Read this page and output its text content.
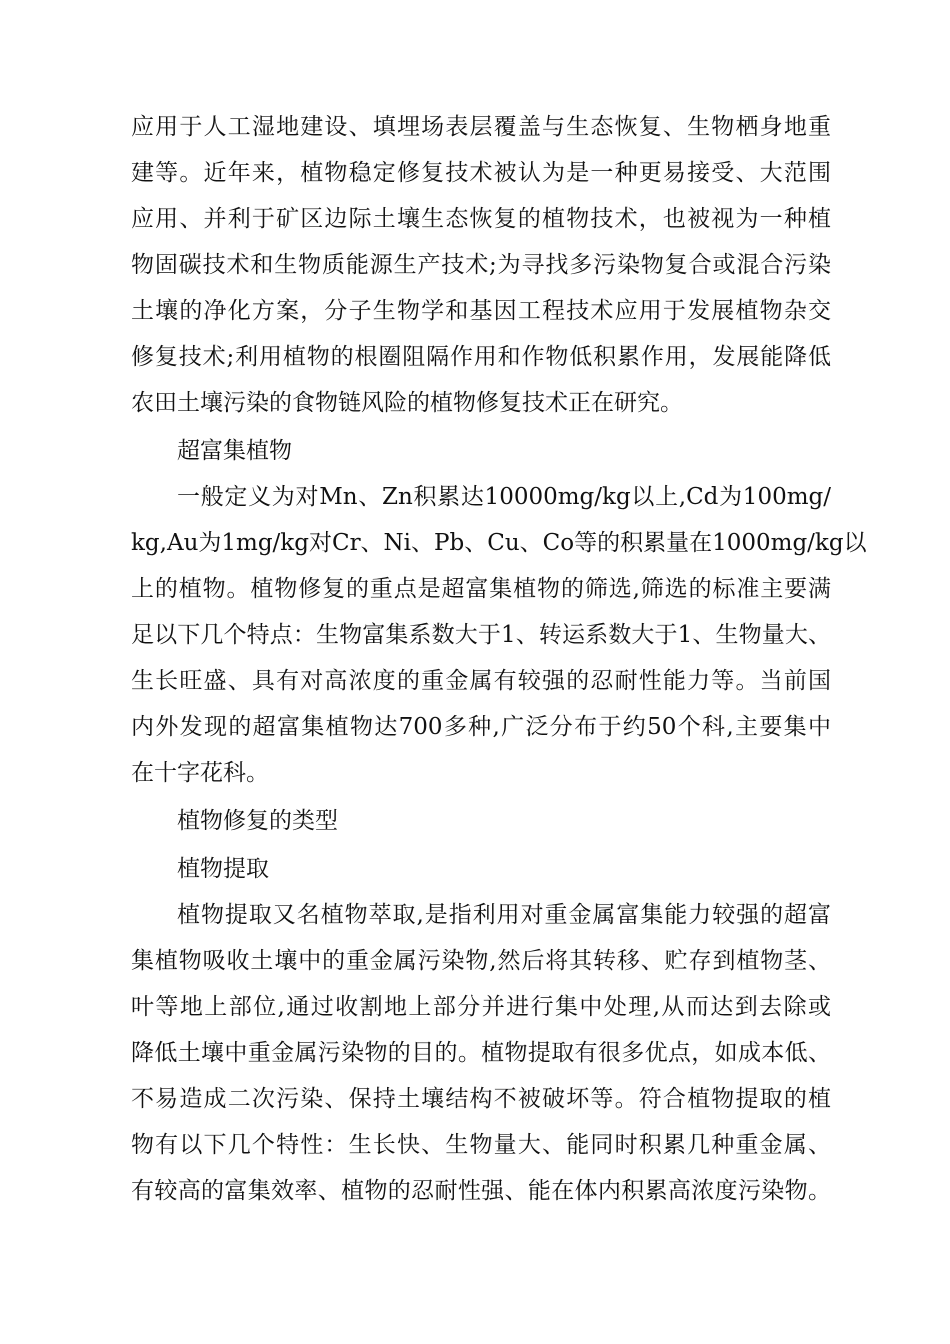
应用于人工湿地建设、填埋场表层覆盖与生态恢复、生物栖身地重
建等。近年来，植物稳定修复技术被认为是一种更易接受、大范围
应用、并利于矿区边际土壤生态恢复的植物技术，也被视为一种植
物固碳技术和生物质能源生产技术;为寻找多污染物复合或混合污染
土壤的净化方案，分子生物学和基因工程技术应用于发展植物杂交
修复技术;利用植物的根圈阻隔作用和作物低积累作用，发展能降低
农田土壤污染的食物链风险的植物修复技术正在研究。
超富集植物
一般定义为对Mn、Zn积累达10000mg/kg以上,Cd为100mg/
kg,Au为1mg/kg对Cr、Ni、Pb、Cu、Co等的积累量在1000mg/kg以
上的植物。植物修复的重点是超富集植物的筛选,筛选的标准主要满
足以下几个特点：生物富集系数大于1、转运系数大于1、生物量大、
生长旺盛、具有对高浓度的重金属有较强的忍耐性能力等。当前国
内外发现的超富集植物达700多种,广泛分布于约50个科,主要集中
在十字花科。
植物修复的类型
植物提取
植物提取又名植物萃取,是指利用对重金属富集能力较强的超富
集植物吸收土壤中的重金属污染物,然后将其转移、贮存到植物茎、
叶等地上部位,通过收割地上部分并进行集中处理,从而达到去除或
降低土壤中重金属污染物的目的。植物提取有很多优点，如成本低、
不易造成二次污染、保持土壤结构不被破坏等。符合植物提取的植
物有以下几个特性：生长快、生物量大、能同时积累几种重金属、
有较高的富集效率、植物的忍耐性强、能在体内积累高浓度污染物。
